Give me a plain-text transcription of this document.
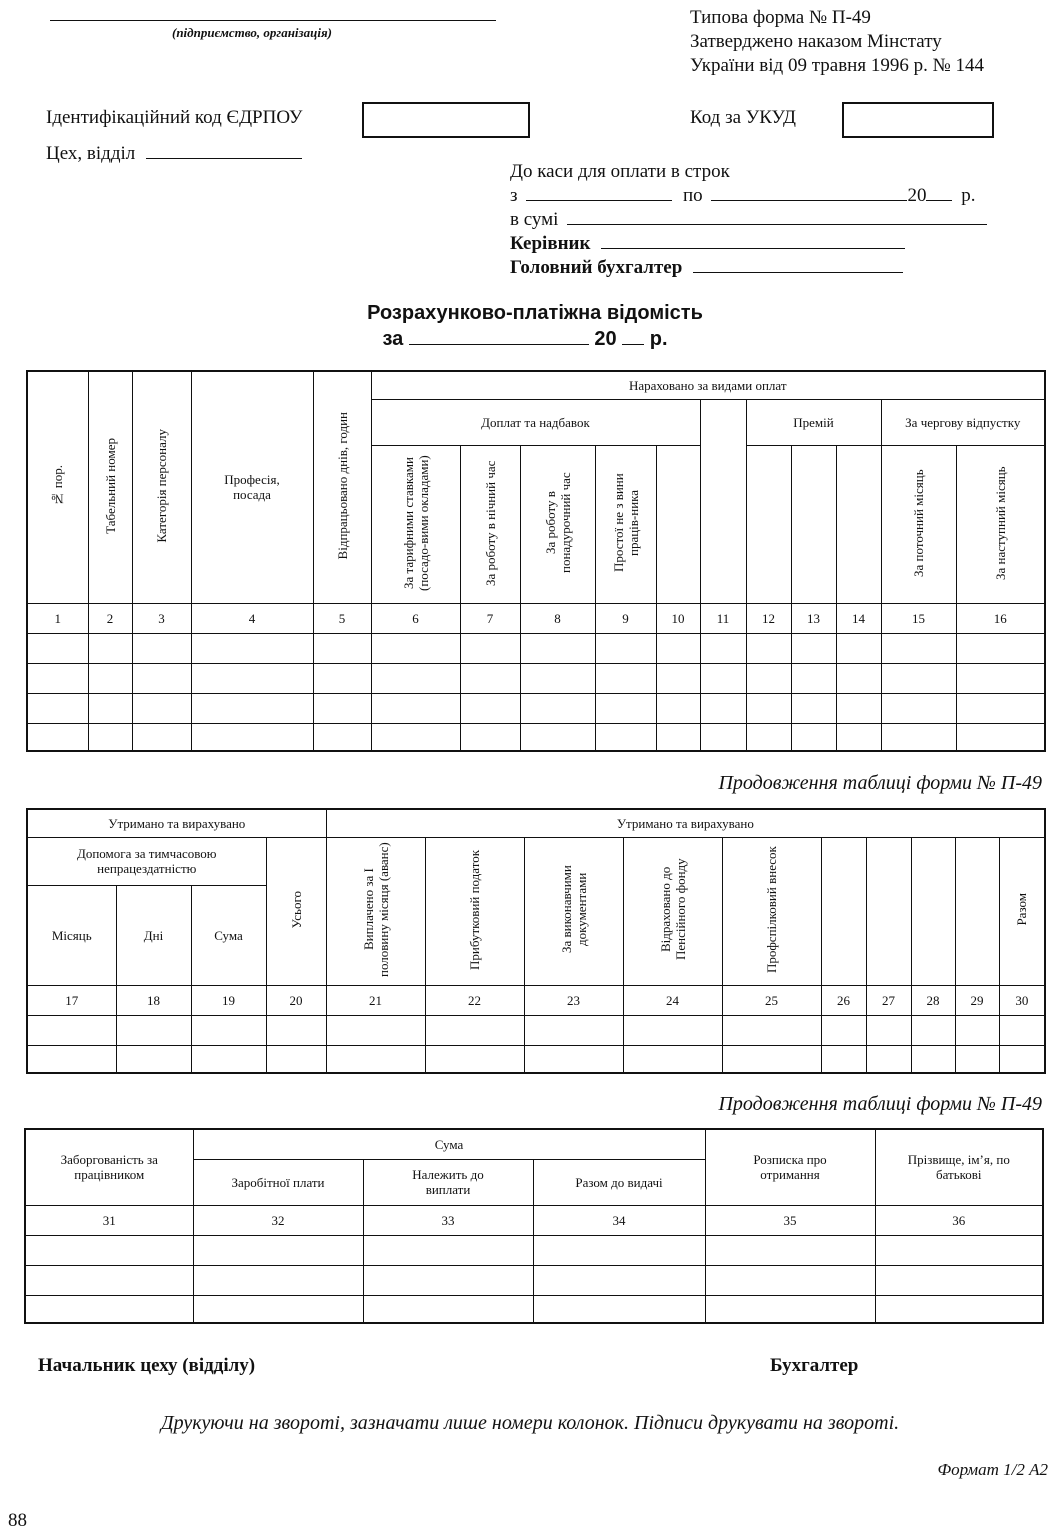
(підприємство, організація)
Типова форма № П-49
Затверджено наказом Мінстату
України від 09 травня 1996 р. № 144
Ідентифікаційний код ЄДРПОУ	Код за УКУД
Цех, відділ
До каси для оплати в строк
з	по	20 р.
в сумі
Керівник
Головний бухгалтер
Розрахунково-платіжна відомість
за	20 р.
№ пор.	Табельний номер	Категорія персоналу	Професія, посада	Відпрацьовано днів, годин	Нараховано за видами оплат										
					Доплат та надбавок						Премій			За чергову відпустку	
					За тарифними ставками (посадо-вими окладами)	За роботу в нічний час	За роботу в понадурочний час	Простої не з вини праців-ника						За поточний місяць	За наступний місяць
1	2	3	4	5	6	7	8	9	10	11	12	13	14	15	16

Продовження таблиці форми № П-49
Утримано та вирахувано				Утримано та вирахувано									
Допомога за тимчасовою непрацездатністю			Усього	Виплачено за I половину місяця (аванс)	Прибутковий податок	За виконавчими документами	Відраховано до Пенсійного фонду	Профспілковий внесок					Разом
Місяць	Дні	Сума											
17	18	19	20	21	22	23	24	25	26	27	28	29	30

Продовження таблиці форми № П-49
Заборгованість за працівником	Сума			Розписка про отримання	Прізвище, ім’я, по батькові
	Заробітної плати	Належить до виплати	Разом до видачі		
31	32	33	34	35	36

Начальник цеху (відділу)	Бухгалтер
Друкуючи на звороті, зазначати лише номери колонок. Підписи друкувати на звороті.
Формат 1/2 А2
88
